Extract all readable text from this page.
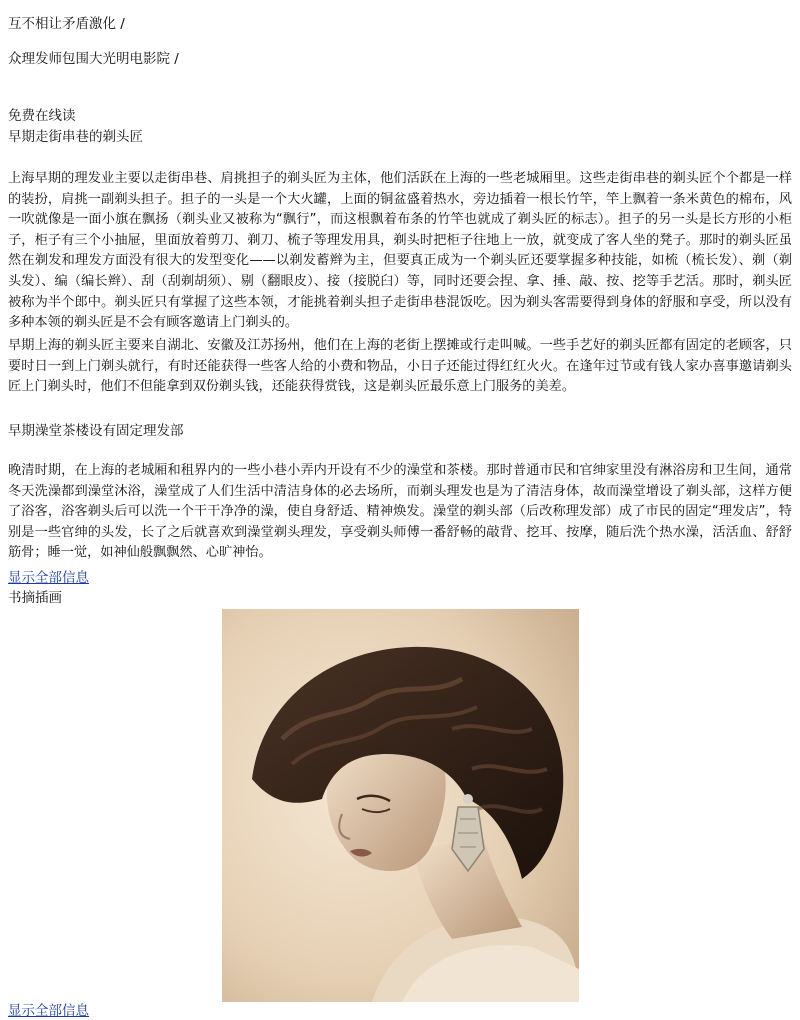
互不相让矛盾激化 /
众理发师包围大光明电影院 /
免费在线读
早期走街串巷的剃头匠

上海早期的理发业主要以走街串巷、肩挑担子的剃头匠为主体，他们活跃在上海的一些老城厢里。这些走街串巷的剃头匠个个都是一样的装扮，肩挑一副剃头担子。担子的一头是一个大火罐，上面的铜盆盛着热水，旁边插着一根长竹竿，竿上飘着一条米黄色的棉布，风一吹就像是一面小旗在飘扬（剃头业又被称为“飘行”，而这根飘着布条的竹竿也就成了剃头匠的标志）。担子的另一头是长方形的小柜子，柜子有三个小抽屉，里面放着剪刀、剃刀、梳子等理发用具，剃头时把柜子往地上一放，就变成了客人坐的凳子。那时的剃头匠虽然在剃发和理发方面没有很大的发型变化——以剃发蓄辫为主，但要真正成为一个剃头匠还要掌握多种技能，如梳（梳长发）、剃（剃头发）、编（编长辫）、刮（刮剃胡须）、剔（翻眼皮）、接（接脱臼）等，同时还要会捏、拿、捶、敲、按、挖等手艺活。那时，剃头匠被称为半个郎中。剃头匠只有掌握了这些本领，才能挑着剃头担子走街串巷混饭吃。因为剃头客需要得到身体的舒服和享受，所以没有多种本领的剃头匠是不会有顾客邀请上门剃头的。

早期上海的剃头匠主要来自湖北、安徽及江苏扬州，他们在上海的老街上摆摊或行走叫喊。一些手艺好的剃头匠都有固定的老顾客，只要时日一到上门剃头就行，有时还能获得一些客人给的小费和物品，小日子还能过得红红火火。在逢年过节或有钱人家办喜事邀请剃头匠上门剃头时，他们不但能拿到双份剃头钱，还能获得赏钱，这是剃头匠最乐意上门服务的美差。

早期澡堂茶楼设有固定理发部

晚清时期，在上海的老城厢和租界内的一些小巷小弄内开设有不少的澡堂和茶楼。那时普通市民和官绅家里没有淋浴房和卫生间，通常冬天洗澡都到澡堂沐浴，澡堂成了人们生活中清洁身体的必去场所，而剃头理发也是为了清洁身体，故而澡堂增设了剃头部，这样方便了浴客，浴客剃头后可以洗一个干干净净的澡，使自身舒适、精神焕发。澡堂的剃头部（后改称理发部）成了市民的固定“理发店”，特别是一些官绅的头发，长了之后就喜欢到澡堂剃头理发，享受剃头师傅一番舒畅的敲背、挖耳、按摩，随后洗个热水澡，活活血、舒舒筋骨；睡一觉，如神仙般飘飘然、心旷神怡。

显示全部信息
书摘插画
显示全部信息
